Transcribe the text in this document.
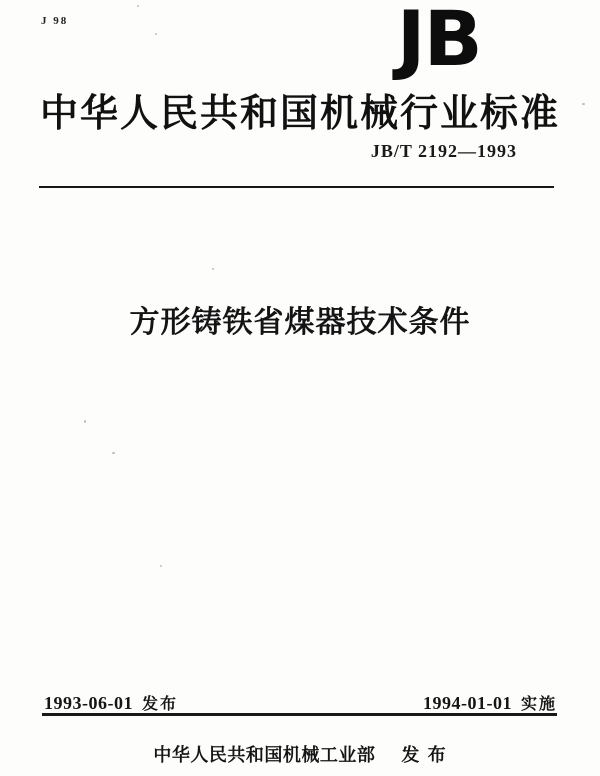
J 98	JB
中华人民共和国机械行业标准
JB/T 2192—1993
方形铸铁省煤器技术条件
1993-06-01 发布	1994-01-01 实施
中华人民共和国机械工业部 发 布
